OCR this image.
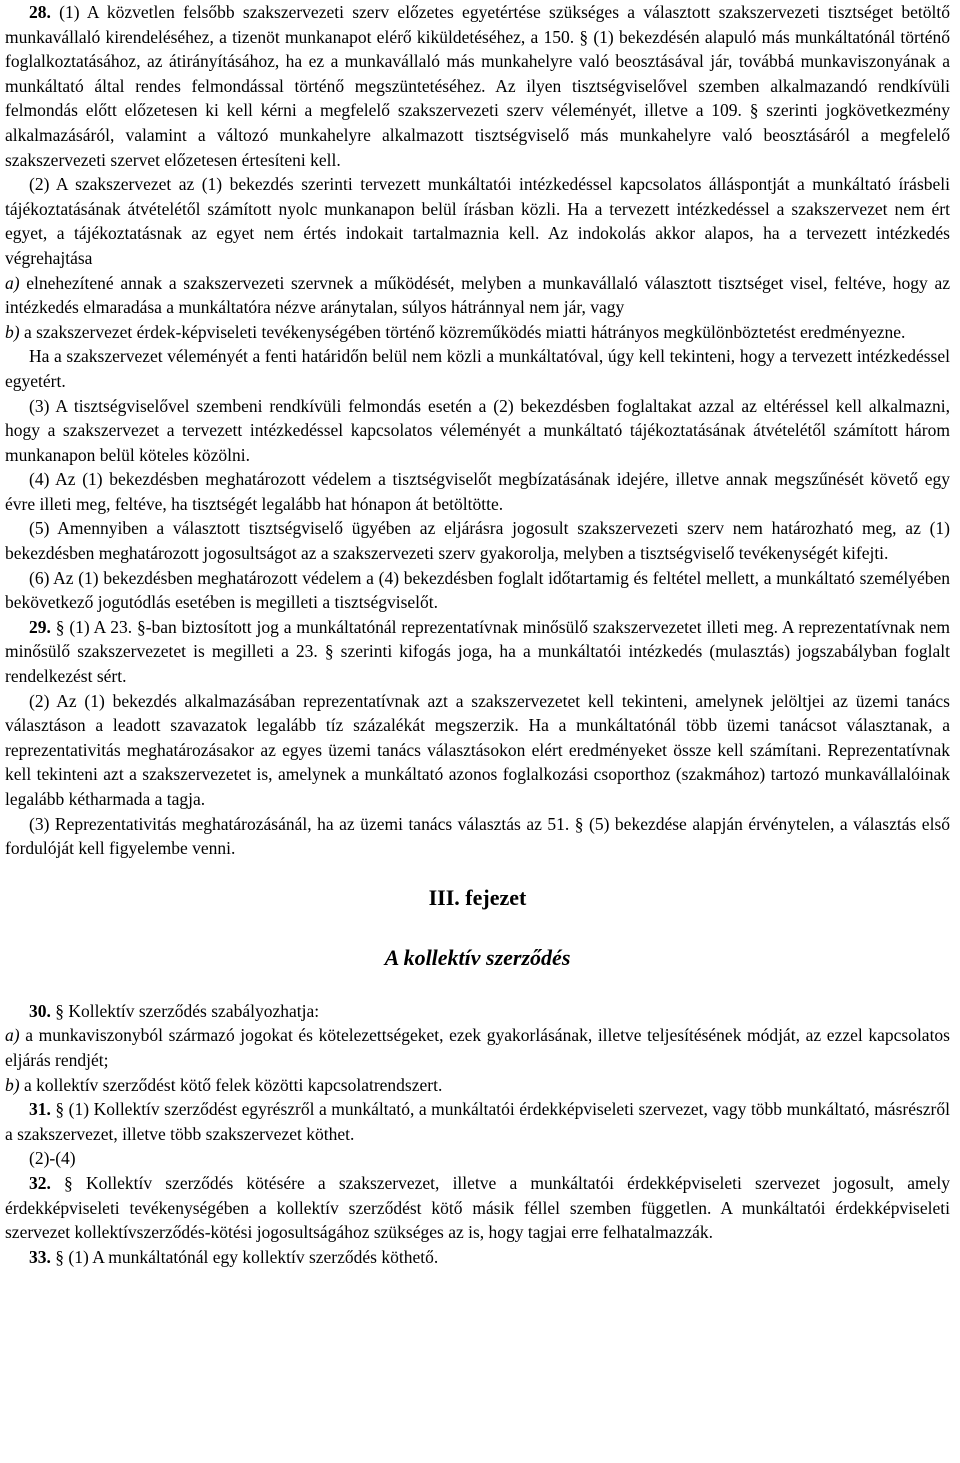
28. (1) A közvetlen felsőbb szakszervezeti szerv előzetes egyetértése szükséges a választott szakszervezeti tisztséget betöltő munkavállaló kirendeléséhez, a tizenöt munkanapot elérő kiküldetéséhez, a 150. § (1) bekezdésén alapuló más munkáltatónál történő foglalkoztatásához, az átirányításához, ha ez a munkavállaló más munkahelyre való beosztásával jár, továbbá munkaviszonyának a munkáltató által rendes felmondással történő megszüntetéséhez. Az ilyen tisztségviselővel szemben alkalmazandó rendkívüli felmondás előtt előzetesen ki kell kérni a megfelelő szakszervezeti szerv véleményét, illetve a 109. § szerinti jogkövetkezmény alkalmazásáról, valamint a változó munkahelyre alkalmazott tisztségviselő más munkahelyre való beosztásáról a megfelelő szakszervezeti szervet előzetesen értesíteni kell.

(2) A szakszervezet az (1) bekezdés szerinti tervezett munkáltatói intézkedéssel kapcsolatos álláspontját a munkáltató írásbeli tájékoztatásának átvételétől számított nyolc munkanapon belül írásban közli. Ha a tervezett intézkedéssel a szakszervezet nem ért egyet, a tájékoztatásnak az egyet nem értés indokait tartalmaznia kell. Az indokolás akkor alapos, ha a tervezett intézkedés végrehajtása

a) elnehezítené annak a szakszervezeti szervnek a működését, melyben a munkavállaló választott tisztséget visel, feltéve, hogy az intézkedés elmaradása a munkáltatóra nézve aránytalan, súlyos hátránnyal nem jár, vagy

b) a szakszervezet érdek-képviseleti tevékenységében történő közreműködés miatti hátrányos megkülönböztetést eredményezne.

Ha a szakszervezet véleményét a fenti határidőn belül nem közli a munkáltatóval, úgy kell tekinteni, hogy a tervezett intézkedéssel egyetért.

(3) A tisztségviselővel szembeni rendkívüli felmondás esetén a (2) bekezdésben foglaltakat azzal az eltéréssel kell alkalmazni, hogy a szakszervezet a tervezett intézkedéssel kapcsolatos véleményét a munkáltató tájékoztatásának átvételétől számított három munkanapon belül köteles közölni.

(4) Az (1) bekezdésben meghatározott védelem a tisztségviselőt megbízatásának idejére, illetve annak megszűnését követő egy évre illeti meg, feltéve, ha tisztségét legalább hat hónapon át betöltötte.

(5) Amennyiben a választott tisztségviselő ügyében az eljárásra jogosult szakszervezeti szerv nem határozható meg, az (1) bekezdésben meghatározott jogosultságot az a szakszervezeti szerv gyakorolja, melyben a tisztségviselő tevékenységét kifejti.

(6) Az (1) bekezdésben meghatározott védelem a (4) bekezdésben foglalt időtartamig és feltétel mellett, a munkáltató személyében bekövetkező jogutódlás esetében is megilleti a tisztségviselőt.

29. § (1) A 23. §-ban biztosított jog a munkáltatónál reprezentatívnak minősülő szakszervezetet illeti meg. A reprezentatívnak nem minősülő szakszervezetet is megilleti a 23. § szerinti kifogás joga, ha a munkáltatói intézkedés (mulasztás) jogszabályban foglalt rendelkezést sért.

(2) Az (1) bekezdés alkalmazásában reprezentatívnak azt a szakszervezetet kell tekinteni, amelynek jelöltjei az üzemi tanács választáson a leadott szavazatok legalább tíz százalékát megszerzik. Ha a munkáltatónál több üzemi tanácsot választanak, a reprezentativitás meghatározásakor az egyes üzemi tanács választásokon elért eredményeket össze kell számítani. Reprezentatívnak kell tekinteni azt a szakszervezetet is, amelynek a munkáltató azonos foglalkozási csoporthoz (szakmához) tartozó munkavállalóinak legalább kétharmada a tagja.

(3) Reprezentativitás meghatározásánál, ha az üzemi tanács választás az 51. § (5) bekezdése alapján érvénytelen, a választás első fordulóját kell figyelembe venni.

III. fejezet
A kollektív szerződés

30. § Kollektív szerződés szabályozhatja:

a) a munkaviszonyból származó jogokat és kötelezettségeket, ezek gyakorlásának, illetve teljesítésének módját, az ezzel kapcsolatos eljárás rendjét;

b) a kollektív szerződést kötő felek közötti kapcsolatrendszert.

31. § (1) Kollektív szerződést egyrészről a munkáltató, a munkáltatói érdekképviseleti szervezet, vagy több munkáltató, másrészről a szakszervezet, illetve több szakszervezet köthet.

(2)-(4)

32. § Kollektív szerződés kötésére a szakszervezet, illetve a munkáltatói érdekképviseleti szervezet jogosult, amely érdekképviseleti tevékenységében a kollektív szerződést kötő másik féllel szemben független. A munkáltatói érdekképviseleti szervezet kollektívszerződés-kötési jogosultságához szükséges az is, hogy tagjai erre felhatalmazzák.

33. § (1) A munkáltatónál egy kollektív szerződés köthető.
